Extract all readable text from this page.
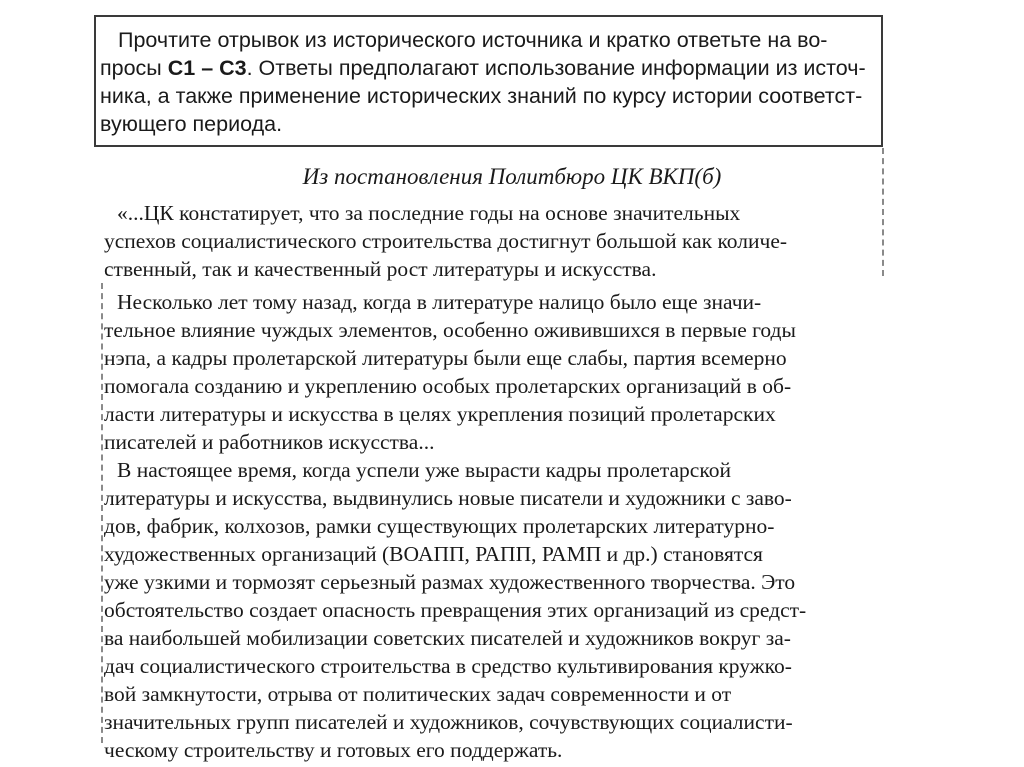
Прочтите отрывок из исторического источника и кратко ответьте на во-
просы С1 – С3. Ответы предполагают использование информации из источ-
ника, а также применение исторических знаний по курсу истории соответст-
вующего периода.
Из постановления Политбюро ЦК ВКП(б)
«...ЦК констатирует, что за последние годы на основе значительных
успехов социалистического строительства достигнут большой как количе-
ственный, так и качественный рост литературы и искусства.
Несколько лет тому назад, когда в литературе налицо было еще значи-
тельное влияние чуждых элементов, особенно оживившихся в первые годы
нэпа, а кадры пролетарской литературы были еще слабы, партия всемерно
помогала созданию и укреплению особых пролетарских организаций в об-
ласти литературы и искусства в целях укрепления позиций пролетарских
писателей и работников искусства...
В настоящее время, когда успели уже вырасти кадры пролетарской
литературы и искусства, выдвинулись новые писатели и художники с заво-
дов, фабрик, колхозов, рамки существующих пролетарских литературно-
художественных организаций (ВОАПП, РАПП, РАМП и др.) становятся
уже узкими и тормозят серьезный размах художественного творчества. Это
обстоятельство создает опасность превращения этих организаций из средст-
ва наибольшей мобилизации советских писателей и художников вокруг за-
дач социалистического строительства в средство культивирования кружко-
вой замкнутости, отрыва от политических задач современности и от
значительных групп писателей и художников, сочувствующих социалисти-
ческому строительству и готовых его поддержать.
